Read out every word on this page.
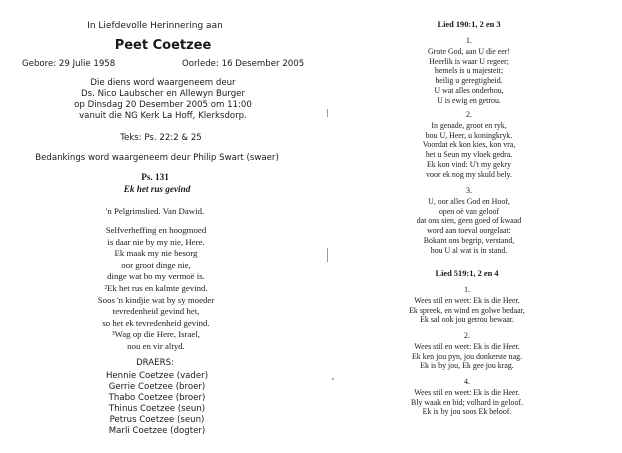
In Liefdevolle Herinnering aan

Peet Coetzee

Gebore: 29 Julie 1958	Oorlede: 16 Desember 2005

Die diens word waargeneem deur
Ds. Nico Laubscher en Allewyn Burger
op Dinsdag 20 Desember 2005 om 11:00
vanuit die NG Kerk La Hoff, Klerksdorp.

Teks: Ps. 22:2 & 25

Bedankings word waargeneem deur Philip Swart (swaer)

Ps. 131

Ek het rus gevind

'n Pelgrimslied. Van Dawid.

Selfverheffing en hoogmoed
is daar nie by my nie, Here.
Ek maak my nie besorg
oor groot dinge nie,
dinge wat bo my vermoë is.
²Ek het rus en kalmte gevind.
Soos 'n kindjie wat by sy moeder
tevredenheid gevind het,
so het ek tevredenheid gevind.
³Wag op die Here, Israel,
nou en vir altyd.

DRAERS:

Hennie Coetzee (vader)
Gerrie Coetzee (broer)
Thabo Coetzee (broer)
Thinus Coetzee (seun)
Petrus Coetzee (seun)
Marli Coetzee (dogter)

Lied 190:1, 2 en 3

1.
Grote God, aan U die eer!
Heerlik is waar U regeer;
hemels is u majesteit;
heilig u geregtigheid.
U wat alles onderhou,
U is ewig en getrou.
2.
In genade, groot en ryk,
bou U, Heer, u koningkryk.
Voordat ek kon kies, kon vra,
het u Seun my vloek gedra.
Ek kon vind: U't my gekry
voor ek nog my skuld bely.
3.
U, oor alles God en Hoof,
open oë van geloof
dat ons sien, geen goed of kwaad
word aan toeval oorgelaat:
Bokant ons begrip, verstand,
hou U al wat is in stand.

Lied 519:1, 2 en 4

1.
Wees stil en weet: Ek is die Heer.
Ek spreek, en wind en golwe bedaar,
Ek sal ook jou getrou bewaar.
2.
Wees stil en weet: Ek is die Heer.
Ek ken jou pyn, jou donkerste nag.
Ek is by jou, Ek gee jou krag.
4.
Wees stil en weet: Ek is die Heer.
Bly waak en bid; volhard in geloof.
Ek is by jou soos Ek beloof.
